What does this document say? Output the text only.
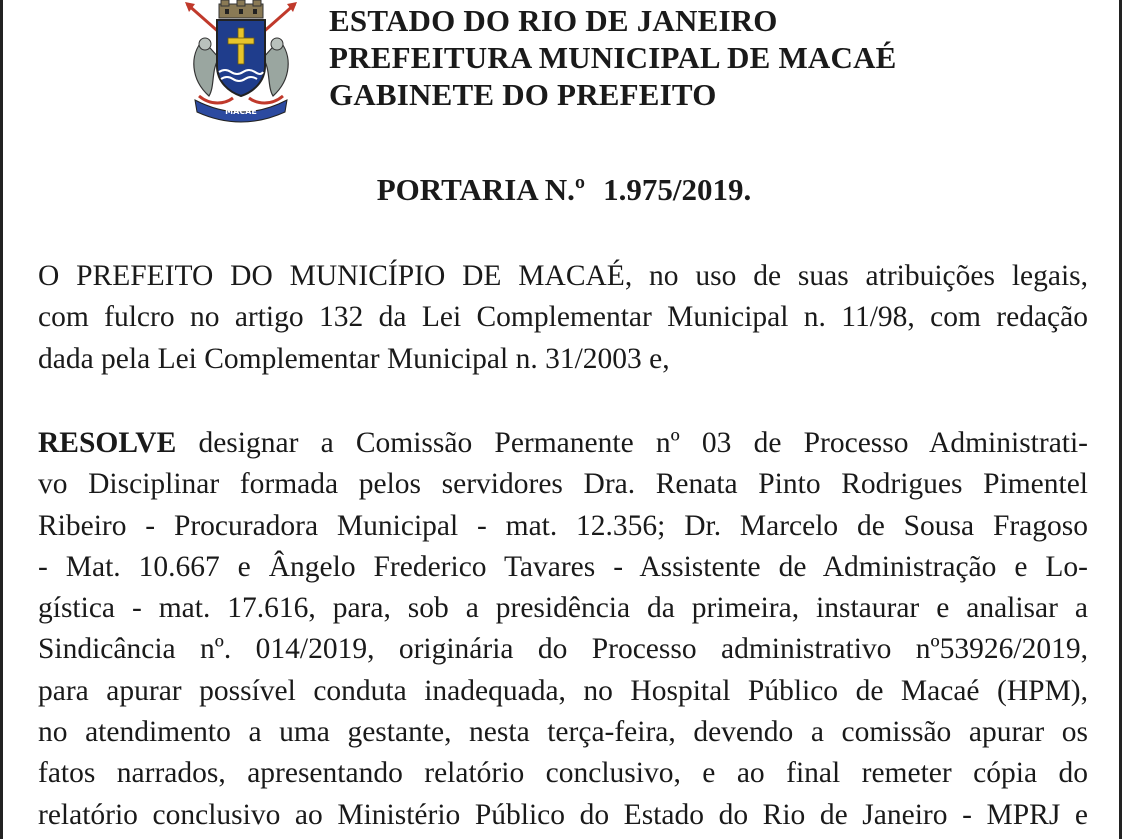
MACAÉ
ESTADO DO RIO DE JANEIRO
PREFEITURA MUNICIPAL DE MACAÉ
GABINETE DO PREFEITO
PORTARIA N.º 1.975/2019.
O PREFEITO DO MUNICÍPIO DE MACAÉ, no uso de suas atribuições legais,
com fulcro no artigo 132 da Lei Complementar Municipal n. 11/98, com redação
dada pela Lei Complementar Municipal n. 31/2003 e,
RESOLVE designar a Comissão Permanente nº 03 de Processo Administrati-
vo Disciplinar formada pelos servidores Dra. Renata Pinto Rodrigues Pimentel
Ribeiro - Procuradora Municipal - mat. 12.356; Dr. Marcelo de Sousa Fragoso
- Mat. 10.667 e Ângelo Frederico Tavares - Assistente de Administração e Lo-
gística - mat. 17.616, para, sob a presidência da primeira, instaurar e analisar a
Sindicância nº. 014/2019, originária do Processo administrativo nº53926/2019,
para apurar possível conduta inadequada, no Hospital Público de Macaé (HPM),
no atendimento a uma gestante, nesta terça-feira, devendo a comissão apurar os
fatos narrados, apresentando relatório conclusivo, e ao final remeter cópia do
relatório conclusivo ao Ministério Público do Estado do Rio de Janeiro - MPRJ e
